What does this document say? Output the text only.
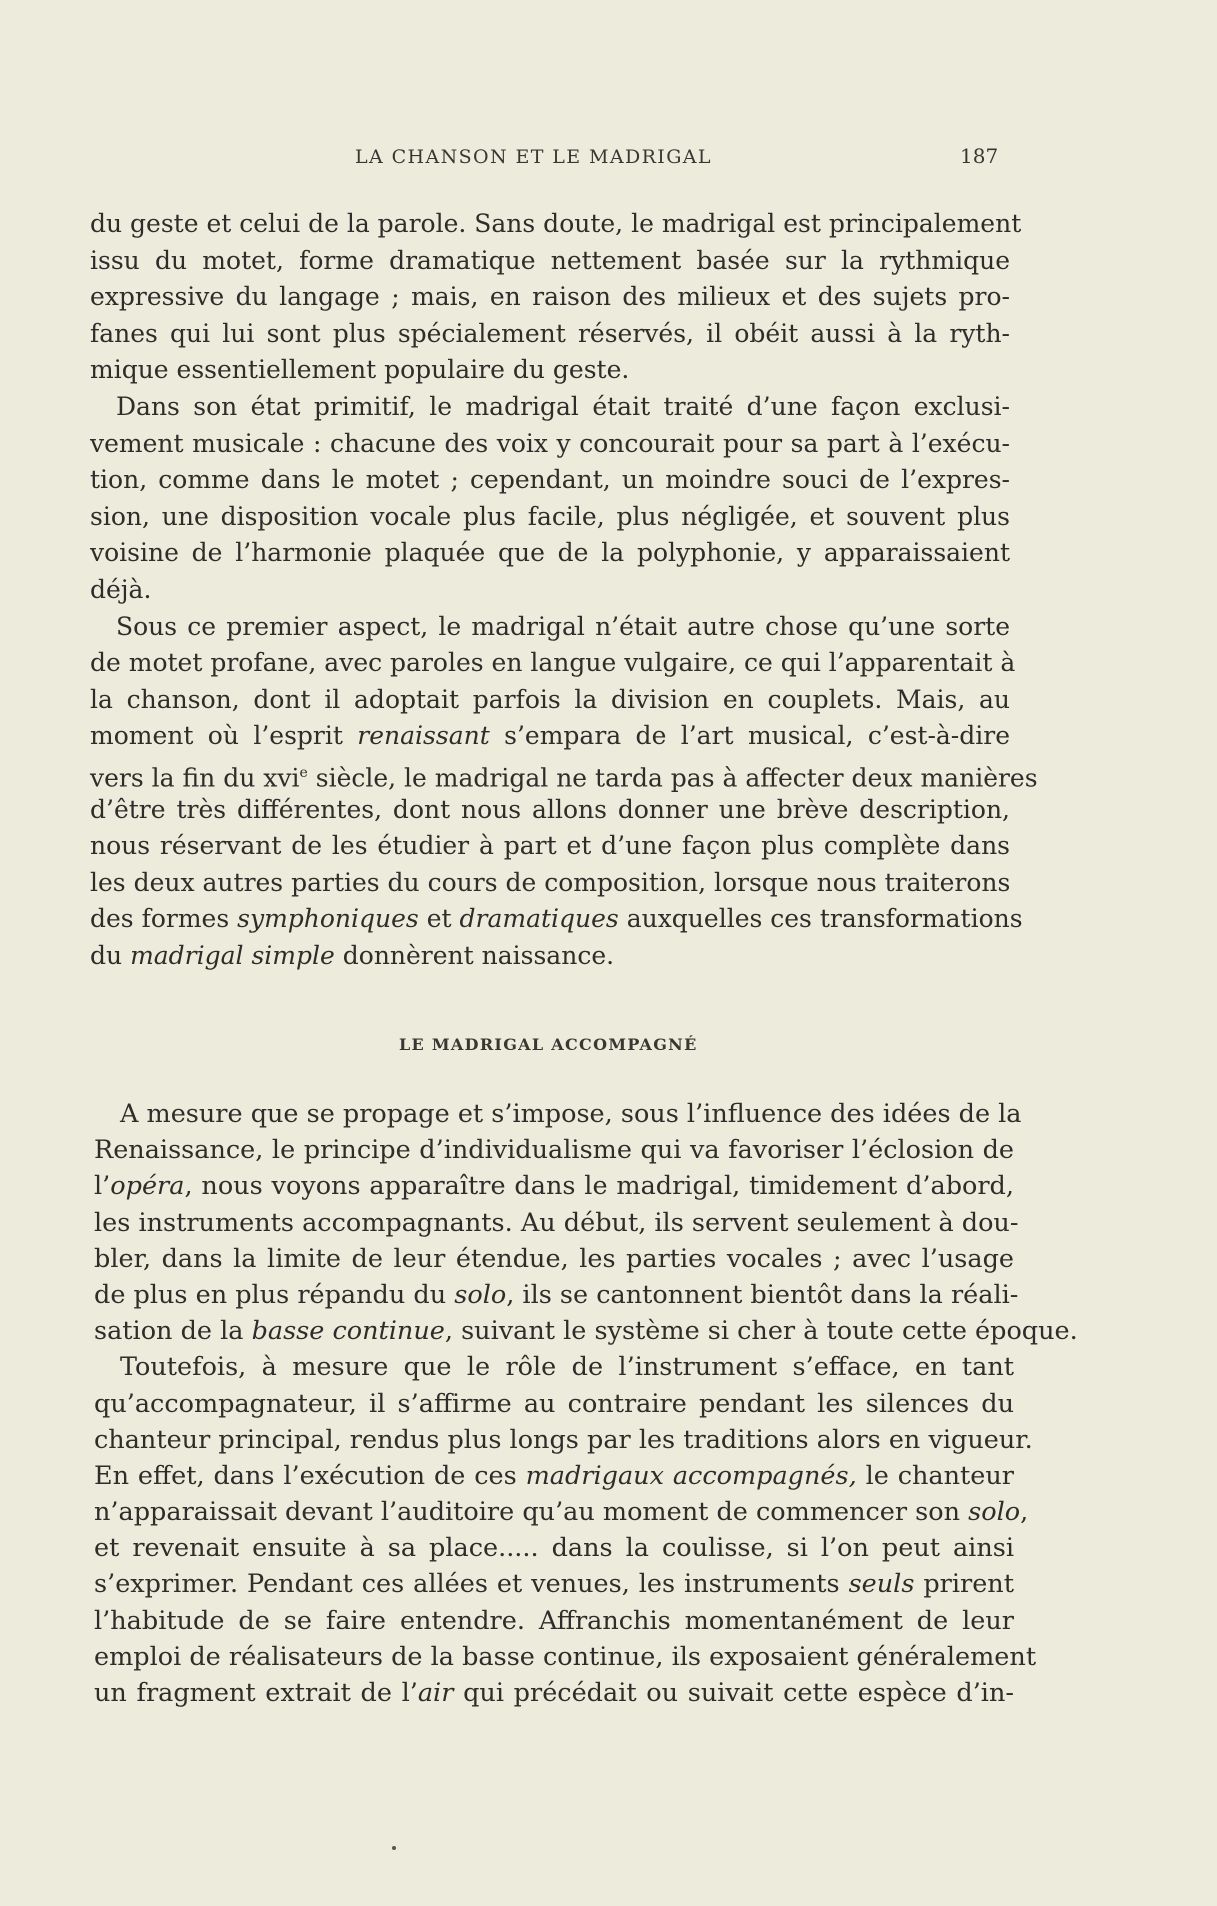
LA CHANSON ET LE MADRIGAL	187
du geste et celui de la parole. Sans doute, le madrigal est principalement
issu du motet, forme dramatique nettement basée sur la rythmique
expressive du langage ; mais, en raison des milieux et des sujets pro-
fanes qui lui sont plus spécialement réservés, il obéit aussi à la ryth-
mique essentiellement populaire du geste.
Dans son état primitif, le madrigal était traité d’une façon exclusi-
vement musicale : chacune des voix y concourait pour sa part à l’exécu-
tion, comme dans le motet ; cependant, un moindre souci de l’expres-
sion, une disposition vocale plus facile, plus négligée, et souvent plus
voisine de l’harmonie plaquée que de la polyphonie, y apparaissaient
déjà.
Sous ce premier aspect, le madrigal n’était autre chose qu’une sorte
de motet profane, avec paroles en langue vulgaire, ce qui l’apparentait à
la chanson, dont il adoptait parfois la division en couplets. Mais, au
moment où l’esprit renaissant s’empara de l’art musical, c’est-à-dire
vers la fin du xvi$^e$ siècle, le madrigal ne tarda pas à affecter deux manières
d’être très différentes, dont nous allons donner une brève description,
nous réservant de les étudier à part et d’une façon plus complète dans
les deux autres parties du cours de composition, lorsque nous traiterons
des formes symphoniques et dramatiques auxquelles ces transformations
du madrigal simple donnèrent naissance.
LE MADRIGAL ACCOMPAGNÉ
A mesure que se propage et s’impose, sous l’influence des idées de la
Renaissance, le principe d’individualisme qui va favoriser l’éclosion de
l’opéra, nous voyons apparaître dans le madrigal, timidement d’abord,
les instruments accompagnants. Au début, ils servent seulement à dou-
bler, dans la limite de leur étendue, les parties vocales ; avec l’usage
de plus en plus répandu du solo, ils se cantonnent bientôt dans la réali-
sation de la basse continue, suivant le système si cher à toute cette époque.
Toutefois, à mesure que le rôle de l’instrument s’efface, en tant
qu’accompagnateur, il s’affirme au contraire pendant les silences du
chanteur principal, rendus plus longs par les traditions alors en vigueur.
En effet, dans l’exécution de ces madrigaux accompagnés, le chanteur
n’apparaissait devant l’auditoire qu’au moment de commencer son solo,
et revenait ensuite à sa place..... dans la coulisse, si l’on peut ainsi
s’exprimer. Pendant ces allées et venues, les instruments seuls prirent
l’habitude de se faire entendre. Affranchis momentanément de leur
emploi de réalisateurs de la basse continue, ils exposaient généralement
un fragment extrait de l’air qui précédait ou suivait cette espèce d’in-
